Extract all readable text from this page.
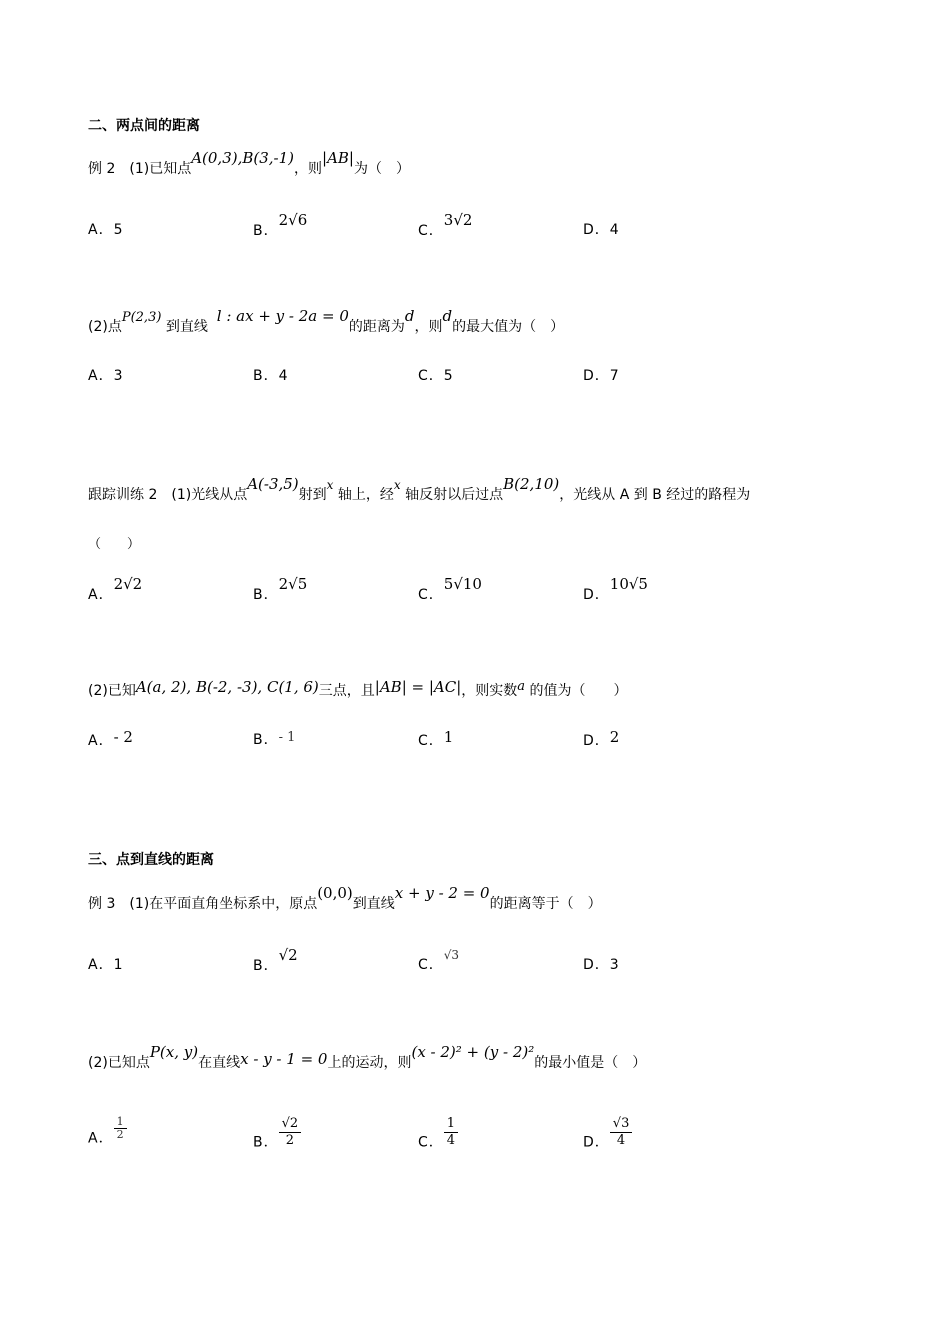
二、两点间的距离
例 2　(1)已知点A(0,3),B(3,-1)，则|AB|为（　）
A．5	B．2√6
C．3√2
D．4
(2)点P(2,3) 到直线  l : ax + y - 2a = 0的距离为d，则d的最大值为（　）
A．3	B．4	C．5	D．7
跟踪训练 2　(1)光线从点A(-3,5)射到x 轴上，经x 轴反射以后过点B(2,10)，光线从 A 到 B 经过的路程为
（　　）
A．2√2
B．2√5
C．5√10
D．10√5
(2)已知A(a, 2), B(-2, -3), C(1, 6)三点，且|AB| = |AC|，则实数a 的值为（　　）
A．- 2	B．- 1	C．1	D．2
三、点到直线的距离
例 3　(1)在平面直角坐标系中，原点(0,0)到直线x + y - 2 = 0的距离等于（　）
A．1	B．√2
C．√3
D．3
(2)已知点P(x, y)在直线x - y - 1 = 0上的运动，则(x - 2)² + (y - 2)²的最小值是（　）
A． $\frac{1}{2}$
B． $\frac{√2}{2}$	C． $\frac{1}{4}$	D． $\frac{√3}{4}$
